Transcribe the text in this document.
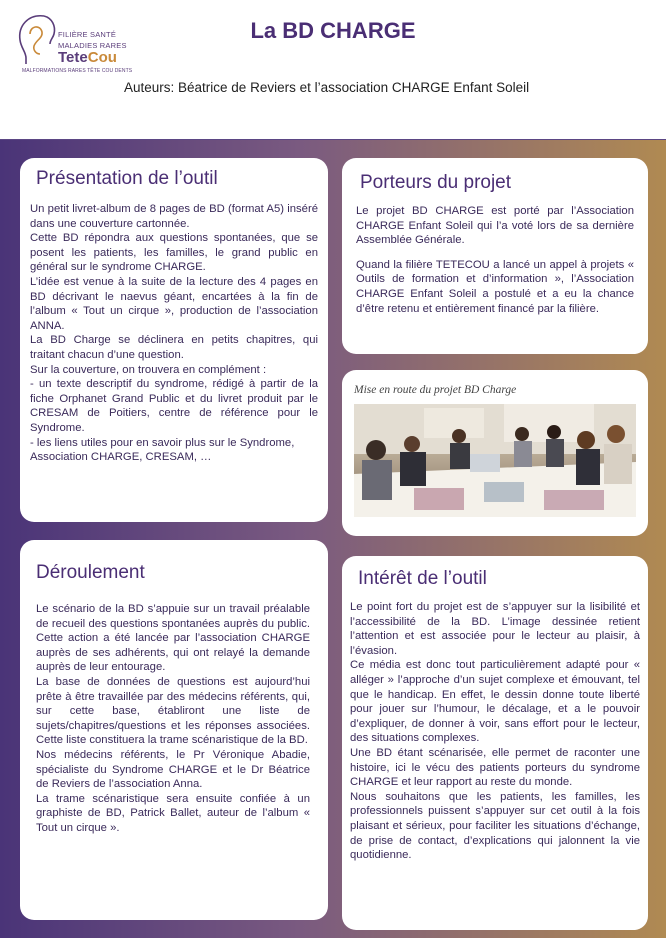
FILIÈRE SANTÉ
MALADIES RARES
TeteCou
MALFORMATIONS RARES TÊTE COU DENTS
La BD CHARGE
Auteurs: Béatrice de Reviers et l’association CHARGE Enfant Soleil
Présentation de l’outil

Un petit livret-album de 8 pages de BD (format A5) inséré dans une couverture cartonnée.

Cette BD répondra aux questions spontanées, que se posent les patients, les familles, le grand public en général sur le syndrome CHARGE.

L’idée est venue à la suite de la lecture des 4 pages en BD décrivant le naevus géant, encartées à la fin de l’album « Tout un cirque », production de l’association ANNA.

La BD Charge se déclinera en petits chapitres, qui traitant chacun d’une question.

Sur la couverture, on trouvera en complément :

- un texte descriptif du syndrome, rédigé à partir de la fiche Orphanet Grand Public et du livret produit par le CRESAM de Poitiers, centre de référence pour le Syndrome.

- les liens utiles pour en savoir plus sur le Syndrome, Association CHARGE, CRESAM, …

Porteurs du projet

Le projet BD CHARGE est porté par l’Association CHARGE Enfant Soleil qui l’a voté lors de sa dernière Assemblée Générale.

Quand la filière TETECOU a lancé un appel à projets « Outils de formation et d’information », l’Association CHARGE Enfant Soleil a postulé et a eu la chance d’être retenu et entièrement financé par la filière.

Mise en route du projet BD Charge
Déroulement

Le scénario de la BD s’appuie sur un travail préalable de recueil des questions spontanées auprès du public. Cette action a été lancée par l’association CHARGE auprès de ses adhérents, qui ont relayé la demande auprès de leur entourage.

La base de données de questions est aujourd’hui prête à être travaillée par des médecins référents, qui, sur cette base, établiront une liste de sujets/chapitres/questions et les réponses associées. Cette liste constituera la trame scénaristique de la BD.

Nos médecins référents, le Pr Véronique Abadie, spécialiste du Syndrome CHARGE et le Dr Béatrice de Reviers de l’association Anna.

La trame scénaristique sera ensuite confiée à un graphiste de BD, Patrick Ballet, auteur de l’album « Tout un cirque ».

Intérêt de l’outil

Le point fort du projet est de s’appuyer sur la lisibilité et l’accessibilité de la BD. L’image dessinée retient l’attention et est associée pour le lecteur au plaisir, à l’évasion.

Ce média est donc tout particulièrement adapté pour « alléger » l’approche d’un sujet complexe et émouvant, tel que le handicap. En effet, le dessin donne toute liberté pour jouer sur l’humour, le décalage, et a le pouvoir d’expliquer, de donner à voir, sans effort pour le lecteur, des situations complexes.

Une BD étant scénarisée, elle permet de raconter une histoire, ici le vécu des patients porteurs du syndrome CHARGE et leur rapport au reste du monde.

Nous souhaitons que les patients, les familles, les professionnels puissent s’appuyer sur cet outil à la fois plaisant et sérieux, pour faciliter les situations d’échange, de prise de contact, d’explications qui jalonnent la vie quotidienne.
